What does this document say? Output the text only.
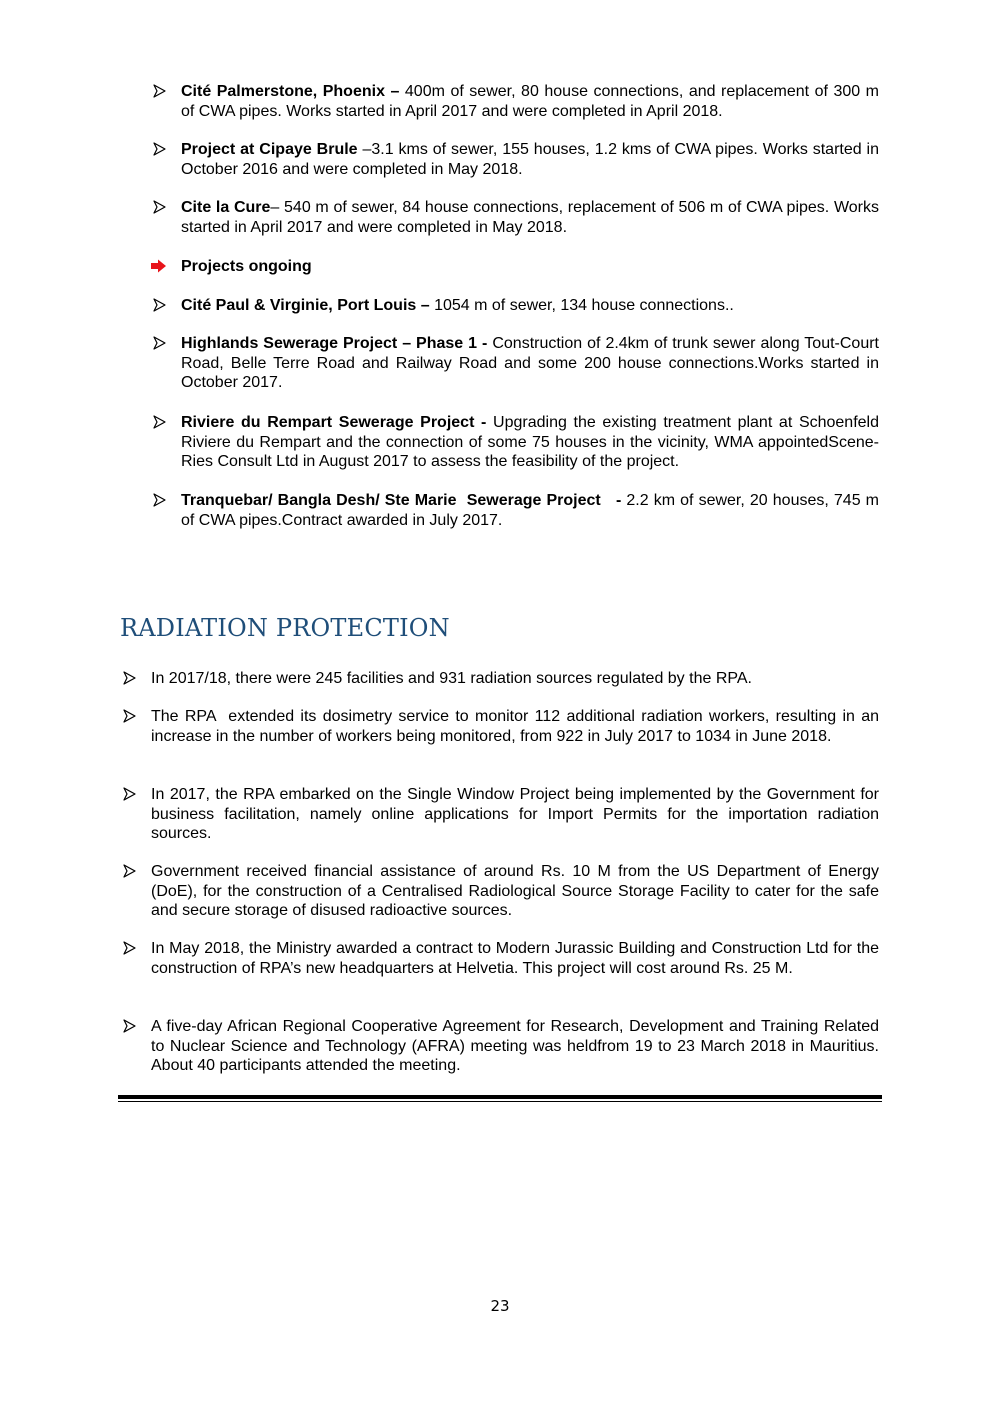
Cité Palmerstone, Phoenix – 400m of sewer, 80 house connections, and replacement of 300 m of CWA pipes. Works started in April 2017 and were completed in April 2018.
Project at Cipaye Brule –3.1 kms of sewer, 155 houses, 1.2 kms of CWA pipes. Works started in October 2016 and were completed in May 2018.
Cite la Cure– 540 m of sewer, 84 house connections, replacement of 506 m of CWA pipes. Works started in April 2017 and were completed in May 2018.
Projects ongoing
Cité Paul & Virginie, Port Louis – 1054 m of sewer, 134 house connections..
Highlands Sewerage Project – Phase 1 - Construction of 2.4km of trunk sewer along Tout-Court Road, Belle Terre Road and Railway Road and some 200 house connections.Works started in October 2017.
Riviere du Rempart Sewerage Project - Upgrading the existing treatment plant at Schoenfeld Riviere du Rempart and the connection of some 75 houses in the vicinity, WMA appointedScene-Ries Consult Ltd in August 2017 to assess the feasibility of the project.
Tranquebar/ Bangla Desh/ Ste Marie  Sewerage Project   - 2.2 km of sewer, 20 houses, 745 m of CWA pipes.Contract awarded in July 2017.
RADIATION PROTECTION
In 2017/18, there were 245 facilities and 931 radiation sources regulated by the RPA.
The RPA  extended its dosimetry service to monitor 112 additional radiation workers, resulting in an increase in the number of workers being monitored, from 922 in July 2017 to 1034 in June 2018.
In 2017, the RPA embarked on the Single Window Project being implemented by the Government for business facilitation, namely online applications for Import Permits for the importation radiation sources.
Government received financial assistance of around Rs. 10 M from the US Department of Energy (DoE), for the construction of a Centralised Radiological Source Storage Facility to cater for the safe and secure storage of disused radioactive sources.
In May 2018, the Ministry awarded a contract to Modern Jurassic Building and Construction Ltd for the construction of RPA’s new headquarters at Helvetia. This project will cost around Rs. 25 M.
A five-day African Regional Cooperative Agreement for Research, Development and Training Related to Nuclear Science and Technology (AFRA) meeting was heldfrom 19 to 23 March 2018 in Mauritius. About 40 participants attended the meeting.
23
